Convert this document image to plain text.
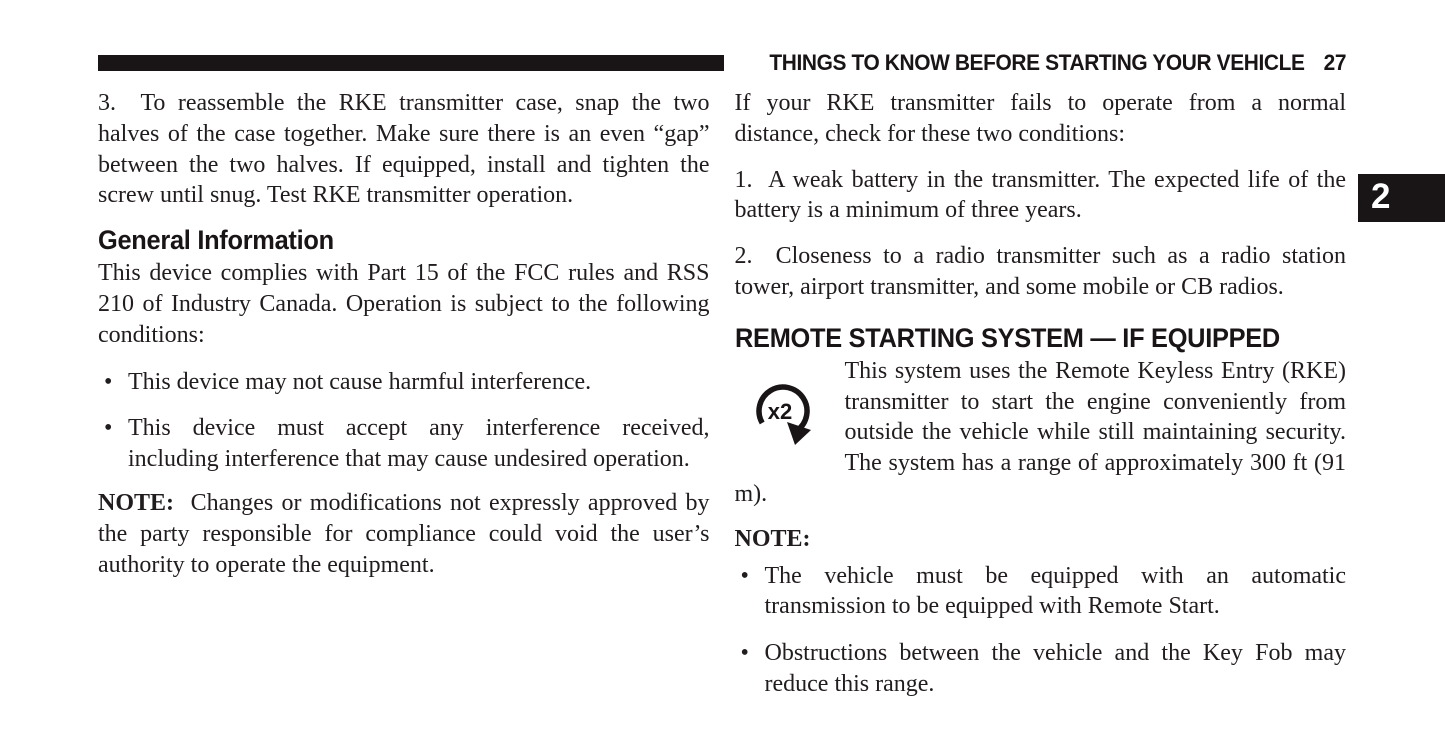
THINGS TO KNOW BEFORE STARTING YOUR VEHICLE 27
2

3.  To reassemble the RKE transmitter case, snap the two halves of the case together. Make sure there is an even “gap” between the two halves. If equipped, install and tighten the screw until snug. Test RKE transmitter operation.

General Information

This device complies with Part 15 of the FCC rules and RSS 210 of Industry Canada. Operation is subject to the following conditions:

• This device may not cause harmful interference.
• This device must accept any interference received, including interference that may cause undesired operation.

NOTE: Changes or modifications not expressly approved by the party responsible for compliance could void the user’s authority to operate the equipment.

If your RKE transmitter fails to operate from a normal distance, check for these two conditions:

1.  A weak battery in the transmitter. The expected life of the battery is a minimum of three years.

2.  Closeness to a radio transmitter such as a radio station tower, airport transmitter, and some mobile or CB radios.

REMOTE STARTING SYSTEM — IF EQUIPPED

x2
This system uses the Remote Keyless Entry (RKE) transmitter to start the engine conveniently from outside the vehicle while still maintaining security. The system has a range of approximately 300 ft (91 m).

NOTE:

• The vehicle must be equipped with an automatic transmission to be equipped with Remote Start.
• Obstructions between the vehicle and the Key Fob may reduce this range.
